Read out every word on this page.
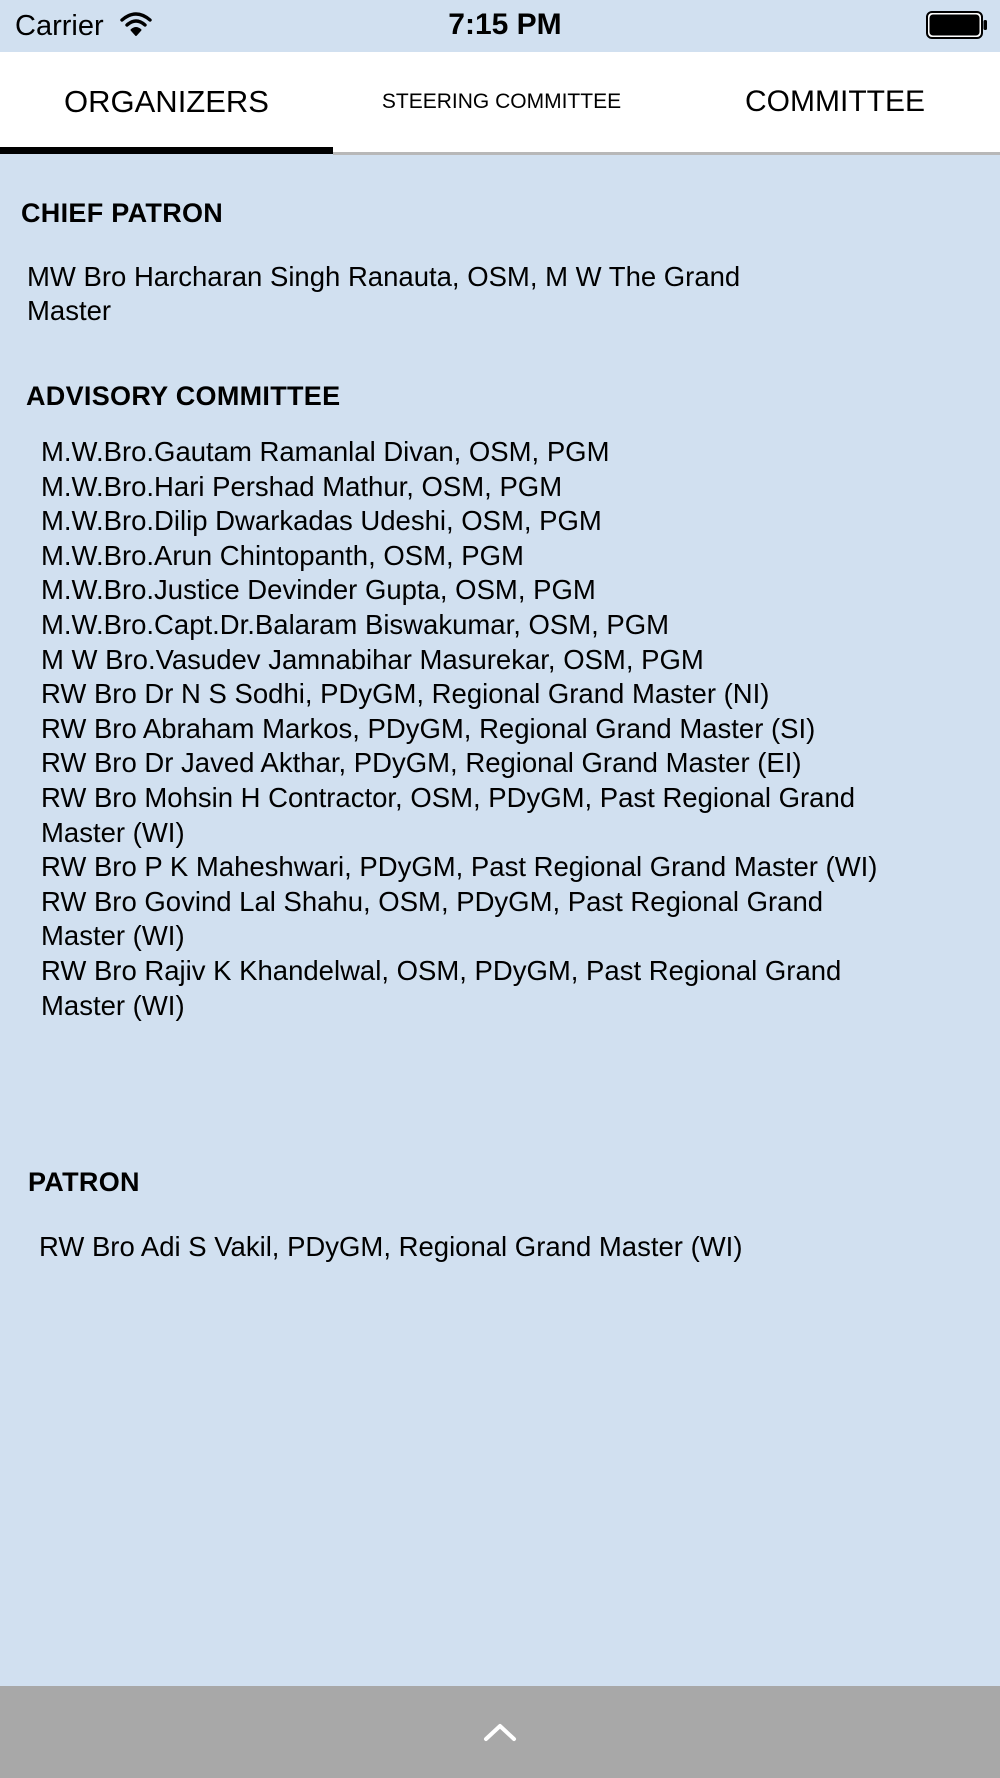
Carrier	7:15 PM
ORGANIZERS	STEERING COMMITTEE	COMMITTEE
CHIEF PATRON
MW Bro Harcharan Singh Ranauta, OSM, M W The Grand Master
ADVISORY COMMITTEE
M.W.Bro.Gautam Ramanlal Divan, OSM, PGM
M.W.Bro.Hari Pershad Mathur, OSM, PGM
M.W.Bro.Dilip Dwarkadas Udeshi, OSM, PGM
M.W.Bro.Arun Chintopanth, OSM, PGM
M.W.Bro.Justice Devinder Gupta, OSM, PGM
M.W.Bro.Capt.Dr.Balaram Biswakumar, OSM, PGM
M W Bro.Vasudev Jamnabihar Masurekar, OSM, PGM
RW Bro Dr N S Sodhi, PDyGM, Regional Grand Master (NI)
RW Bro Abraham Markos, PDyGM, Regional Grand Master (SI)
RW Bro Dr Javed Akthar, PDyGM, Regional Grand Master (EI)
RW Bro Mohsin H Contractor, OSM, PDyGM, Past Regional Grand Master (WI)
RW Bro P K Maheshwari, PDyGM, Past Regional Grand Master (WI)
RW Bro Govind Lal Shahu, OSM, PDyGM, Past Regional Grand Master (WI)
RW Bro Rajiv K Khandelwal, OSM, PDyGM, Past Regional Grand Master (WI)
PATRON
RW Bro Adi S Vakil, PDyGM, Regional Grand Master (WI)
